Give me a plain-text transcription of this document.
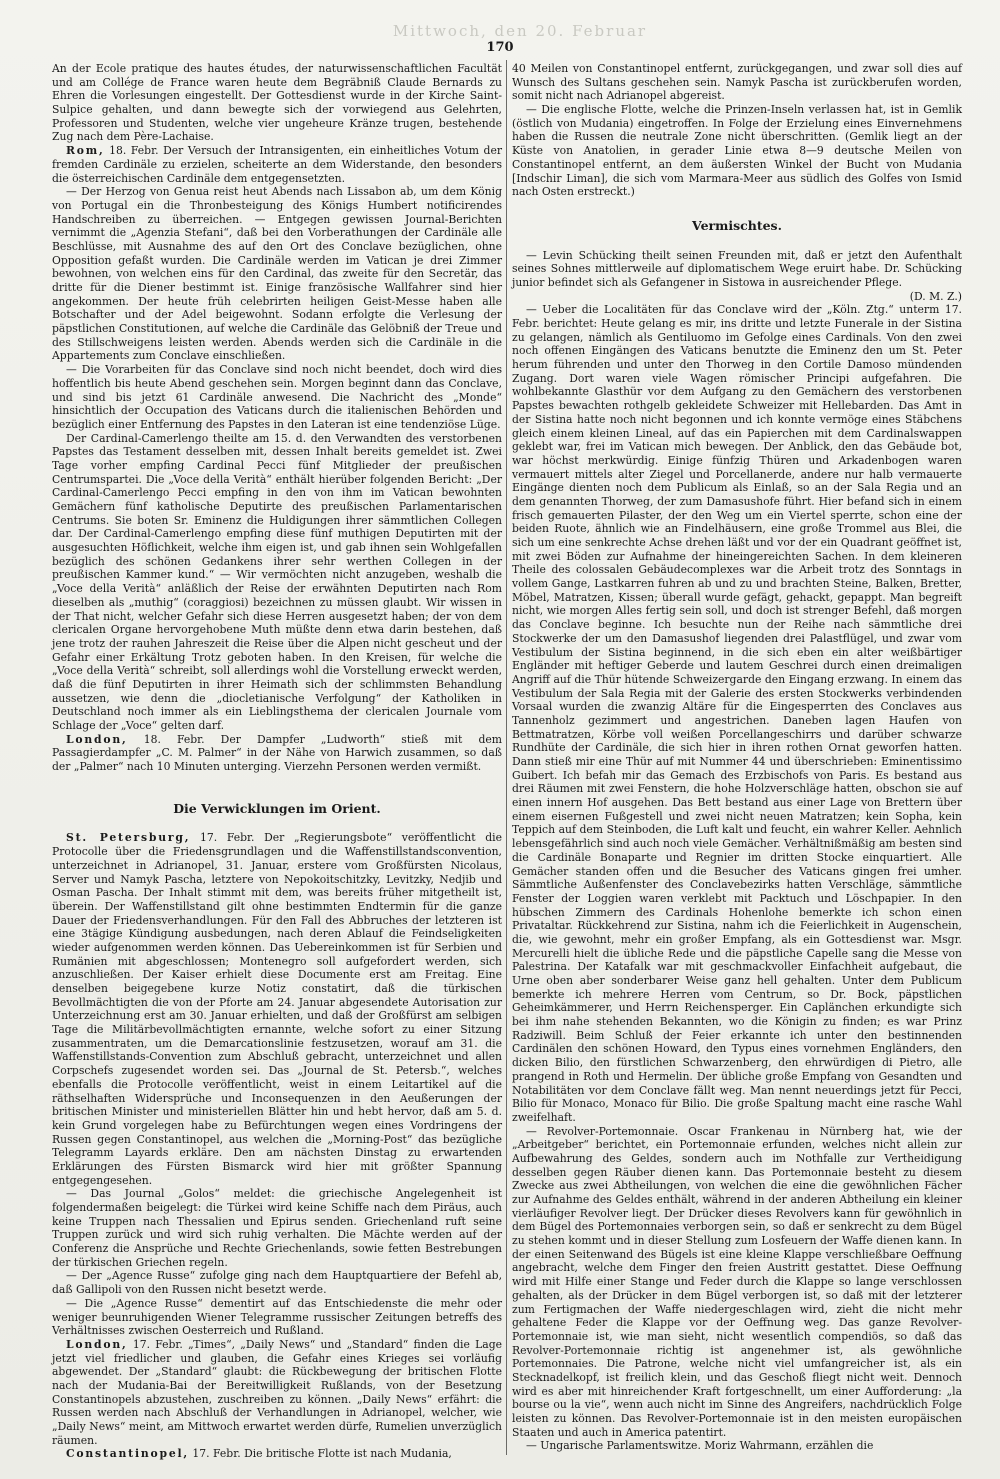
Mittwoch, den 20. Februar
170

An der Ecole pratique des hautes études, der naturwissenschaftlichen Facultät und am Collége de France waren heute dem Begräbniß Claude Bernards zu Ehren die Vorlesungen eingestellt. Der Gottesdienst wurde in der Kirche Saint-Sulpice gehalten, und dann bewegte sich der vorwiegend aus Gelehrten, Professoren und Studenten, welche vier ungeheure Kränze trugen, bestehende Zug nach dem Père-Lachaise.

Rom, 18. Febr. Der Versuch der Intransigenten, ein einheitliches Votum der fremden Cardinäle zu erzielen, scheiterte an dem Widerstande, den besonders die österreichischen Cardinäle dem entgegensetzten.

— Der Herzog von Genua reist heut Abends nach Lissabon ab, um dem König von Portugal ein die Thronbesteigung des Königs Humbert notificirendes Handschreiben zu überreichen. — Entgegen gewissen Journal-Berichten vernimmt die „Agenzia Stefani“, daß bei den Vorberathungen der Cardinäle alle Beschlüsse, mit Ausnahme des auf den Ort des Conclave bezüglichen, ohne Opposition gefaßt wurden. Die Cardinäle werden im Vatican je drei Zimmer bewohnen, von welchen eins für den Cardinal, das zweite für den Secretär, das dritte für die Diener bestimmt ist. Einige französische Wallfahrer sind hier angekommen. Der heute früh celebrirten heiligen Geist-Messe haben alle Botschafter und der Adel beigewohnt. Sodann erfolgte die Verlesung der päpstlichen Constitutionen, auf welche die Cardinäle das Gelöbniß der Treue und des Stillschweigens leisten werden. Abends werden sich die Cardinäle in die Appartements zum Conclave einschließen.

— Die Vorarbeiten für das Conclave sind noch nicht beendet, doch wird dies hoffentlich bis heute Abend geschehen sein. Morgen beginnt dann das Conclave, und sind bis jetzt 61 Cardinäle anwesend. Die Nachricht des „Monde“ hinsichtlich der Occupation des Vaticans durch die italienischen Behörden und bezüglich einer Entfernung des Papstes in den Lateran ist eine tendenziöse Lüge.

Der Cardinal-Camerlengo theilte am 15. d. den Verwandten des verstorbenen Papstes das Testament desselben mit, dessen Inhalt bereits gemeldet ist. Zwei Tage vorher empfing Cardinal Pecci fünf Mitglieder der preußischen Centrumspartei. Die „Voce della Verità“ enthält hierüber folgenden Bericht: „Der Cardinal-Camerlengo Pecci empfing in den von ihm im Vatican bewohnten Gemächern fünf katholische Deputirte des preußischen Parlamentarischen Centrums. Sie boten Sr. Eminenz die Huldigungen ihrer sämmtlichen Collegen dar. Der Cardinal-Camerlengo empfing diese fünf muthigen Deputirten mit der ausgesuchten Höflichkeit, welche ihm eigen ist, und gab ihnen sein Wohlgefallen bezüglich des schönen Gedankens ihrer sehr werthen Collegen in der preußischen Kammer kund.“ — Wir vermöchten nicht anzugeben, weshalb die „Voce della Verità“ anläßlich der Reise der erwähnten Deputirten nach Rom dieselben als „muthig“ (coraggiosi) bezeichnen zu müssen glaubt. Wir wissen in der That nicht, welcher Gefahr sich diese Herren ausgesetzt haben; der von dem clericalen Organe hervorgehobene Muth müßte denn etwa darin bestehen, daß jene trotz der rauhen Jahreszeit die Reise über die Alpen nicht gescheut und der Gefahr einer Erkältung Trotz geboten haben. In den Kreisen, für welche die „Voce della Verità“ schreibt, soll allerdings wohl die Vorstellung erweckt werden, daß die fünf Deputirten in ihrer Heimath sich der schlimmsten Behandlung aussetzen, wie denn die „diocletianische Verfolgung“ der Katholiken in Deutschland noch immer als ein Lieblingsthema der clericalen Journale vom Schlage der „Voce“ gelten darf.

London, 18. Febr. Der Dampfer „Ludworth“ stieß mit dem Passagierdampfer „C. M. Palmer“ in der Nähe von Harwich zusammen, so daß der „Palmer“ nach 10 Minuten unterging. Vierzehn Personen werden vermißt.

Die Verwicklungen im Orient.

St. Petersburg, 17. Febr. Der „Regierungsbote“ veröffentlicht die Protocolle über die Friedensgrundlagen und die Waffenstillstandsconvention, unterzeichnet in Adrianopel, 31. Januar, erstere vom Großfürsten Nicolaus, Server und Namyk Pascha, letztere von Nepokoitschitzky, Levitzky, Nedjib und Osman Pascha. Der Inhalt stimmt mit dem, was bereits früher mitgetheilt ist, überein. Der Waffenstillstand gilt ohne bestimmten Endtermin für die ganze Dauer der Friedensverhandlungen. Für den Fall des Abbruches der letzteren ist eine 3tägige Kündigung ausbedungen, nach deren Ablauf die Feindseligkeiten wieder aufgenommen werden können. Das Uebereinkommen ist für Serbien und Rumänien mit abgeschlossen; Montenegro soll aufgefordert werden, sich anzuschließen. Der Kaiser erhielt diese Documente erst am Freitag. Eine denselben beigegebene kurze Notiz constatirt, daß die türkischen Bevollmächtigten die von der Pforte am 24. Januar abgesendete Autorisation zur Unterzeichnung erst am 30. Januar erhielten, und daß der Großfürst am selbigen Tage die Militärbevollmächtigten ernannte, welche sofort zu einer Sitzung zusammentraten, um die Demarcationslinie festzusetzen, worauf am 31. die Waffenstillstands-Convention zum Abschluß gebracht, unterzeichnet und allen Corpschefs zugesendet worden sei. Das „Journal de St. Petersb.“, welches ebenfalls die Protocolle veröffentlicht, weist in einem Leitartikel auf die räthselhaften Widersprüche und Inconsequenzen in den Aeußerungen der britischen Minister und ministeriellen Blätter hin und hebt hervor, daß am 5. d. kein Grund vorgelegen habe zu Befürchtungen wegen eines Vordringens der Russen gegen Constantinopel, aus welchen die „Morning-Post“ das bezügliche Telegramm Layards erkläre. Den am nächsten Dinstag zu erwartenden Erklärungen des Fürsten Bismarck wird hier mit größter Spannung entgegengesehen.

— Das Journal „Golos“ meldet: die griechische Angelegenheit ist folgendermaßen beigelegt: die Türkei wird keine Schiffe nach dem Piräus, auch keine Truppen nach Thessalien und Epirus senden. Griechenland ruft seine Truppen zurück und wird sich ruhig verhalten. Die Mächte werden auf der Conferenz die Ansprüche und Rechte Griechenlands, sowie fetten Bestrebungen der türkischen Griechen regeln.

— Der „Agence Russe“ zufolge ging nach dem Hauptquartiere der Befehl ab, daß Gallipoli von den Russen nicht besetzt werde.

— Die „Agence Russe“ dementirt auf das Entschiedenste die mehr oder weniger beunruhigenden Wiener Telegramme russischer Zeitungen betreffs des Verhältnisses zwischen Oesterreich und Rußland.

London, 17. Febr. „Times“, „Daily News“ und „Standard“ finden die Lage jetzt viel friedlicher und glauben, die Gefahr eines Krieges sei vorläufig abgewendet. Der „Standard“ glaubt: die Rückbewegung der britischen Flotte nach der Mudania-Bai der Bereitwilligkeit Rußlands, von der Besetzung Constantinopels abzustehen, zuschreiben zu können. „Daily News“ erfährt: die Russen werden nach Abschluß der Verhandlungen in Adrianopel, welcher, wie „Daily News“ meint, am Mittwoch erwartet werden dürfe, Rumelien unverzüglich räumen.

Constantinopel, 17. Febr. Die britische Flotte ist nach Mudania,

40 Meilen von Constantinopel entfernt, zurückgegangen, und zwar soll dies auf Wunsch des Sultans geschehen sein. Namyk Pascha ist zurückberufen worden, somit nicht nach Adrianopel abgereist.

— Die englische Flotte, welche die Prinzen-Inseln verlassen hat, ist in Gemlik (östlich von Mudania) eingetroffen. In Folge der Erzielung eines Einvernehmens haben die Russen die neutrale Zone nicht überschritten. (Gemlik liegt an der Küste von Anatolien, in gerader Linie etwa 8—9 deutsche Meilen von Constantinopel entfernt, an dem äußersten Winkel der Bucht von Mudania [Indschir Liman], die sich vom Marmara-Meer aus südlich des Golfes von Ismid nach Osten erstreckt.)

Vermischtes.

— Levin Schücking theilt seinen Freunden mit, daß er jetzt den Aufenthalt seines Sohnes mittlerweile auf diplomatischem Wege eruirt habe. Dr. Schücking junior befindet sich als Gefangener in Sistowa in ausreichender Pflege.

(D. M. Z.)

— Ueber die Localitäten für das Conclave wird der „Köln. Ztg.“ unterm 17. Febr. berichtet: Heute gelang es mir, ins dritte und letzte Funerale in der Sistina zu gelangen, nämlich als Gentiluomo im Gefolge eines Cardinals. Von den zwei noch offenen Eingängen des Vaticans benutzte die Eminenz den um St. Peter herum führenden und unter den Thorweg in den Cortile Damoso mündenden Zugang. Dort waren viele Wagen römischer Principi aufgefahren. Die wohlbekannte Glasthür vor dem Aufgang zu den Gemächern des verstorbenen Papstes bewachten rothgelb gekleidete Schweizer mit Hellebarden. Das Amt in der Sistina hatte noch nicht begonnen und ich konnte vermöge eines Stäbchens gleich einem kleinen Lineal, auf das ein Papierchen mit dem Cardinalswappen geklebt war, frei im Vatican mich bewegen. Der Anblick, den das Gebäude bot, war höchst merkwürdig. Einige fünfzig Thüren und Arkadenbogen waren vermauert mittels alter Ziegel und Porcellanerde, andere nur halb vermauerte Eingänge dienten noch dem Publicum als Einlaß, so an der Sala Regia und an dem genannten Thorweg, der zum Damasushofe führt. Hier befand sich in einem frisch gemauerten Pilaster, der den Weg um ein Viertel sperrte, schon eine der beiden Ruote, ähnlich wie an Findelhäusern, eine große Trommel aus Blei, die sich um eine senkrechte Achse drehen läßt und vor der ein Quadrant geöffnet ist, mit zwei Böden zur Aufnahme der hineingereichten Sachen. In dem kleineren Theile des colossalen Gebäudecomplexes war die Arbeit trotz des Sonntags in vollem Gange, Lastkarren fuhren ab und zu und brachten Steine, Balken, Bretter, Möbel, Matratzen, Kissen; überall wurde gefägt, gehackt, gepappt. Man begreift nicht, wie morgen Alles fertig sein soll, und doch ist strenger Befehl, daß morgen das Conclave beginne. Ich besuchte nun der Reihe nach sämmtliche drei Stockwerke der um den Damasushof liegenden drei Palastflügel, und zwar vom Vestibulum der Sistina beginnend, in die sich eben ein alter weißbärtiger Engländer mit heftiger Geberde und lautem Geschrei durch einen dreimaligen Angriff auf die Thür hütende Schweizergarde den Eingang erzwang. In einem das Vestibulum der Sala Regia mit der Galerie des ersten Stockwerks verbindenden Vorsaal wurden die zwanzig Altäre für die Eingesperrten des Conclaves aus Tannenholz gezimmert und angestrichen. Daneben lagen Haufen von Bettmatratzen, Körbe voll weißen Porcellangeschirrs und darüber schwarze Rundhüte der Cardinäle, die sich hier in ihren rothen Ornat geworfen hatten. Dann stieß mir eine Thür auf mit Nummer 44 und überschrieben: Eminentissimo Guibert. Ich befah mir das Gemach des Erzbischofs von Paris. Es bestand aus drei Räumen mit zwei Fenstern, die hohe Holzverschläge hatten, obschon sie auf einen innern Hof ausgehen. Das Bett bestand aus einer Lage von Brettern über einem eisernen Fußgestell und zwei nicht neuen Matratzen; kein Sopha, kein Teppich auf dem Steinboden, die Luft kalt und feucht, ein wahrer Keller. Aehnlich lebensgefährlich sind auch noch viele Gemächer. Verhältnißmäßig am besten sind die Cardinäle Bonaparte und Regnier im dritten Stocke einquartiert. Alle Gemächer standen offen und die Besucher des Vaticans gingen frei umher. Sämmtliche Außenfenster des Conclavebezirks hatten Verschläge, sämmtliche Fenster der Loggien waren verklebt mit Packtuch und Löschpapier. In den hübschen Zimmern des Cardinals Hohenlohe bemerkte ich schon einen Privataltar. Rückkehrend zur Sistina, nahm ich die Feierlichkeit in Augenschein, die, wie gewohnt, mehr ein großer Empfang, als ein Gottesdienst war. Msgr. Mercurelli hielt die übliche Rede und die päpstliche Capelle sang die Messe von Palestrina. Der Katafalk war mit geschmackvoller Einfachheit aufgebaut, die Urne oben aber sonderbarer Weise ganz hell gehalten. Unter dem Publicum bemerkte ich mehrere Herren vom Centrum, so Dr. Bock, päpstlichen Geheimkämmerer, und Herrn Reichensperger. Ein Caplänchen erkundigte sich bei ihm nahe stehenden Bekannten, wo die Königin zu finden; es war Prinz Radziwill. Beim Schluß der Feier erkannte ich unter den bestinnenden Cardinälen den schönen Howard, den Typus eines vornehmen Engländers, den dicken Bilio, den fürstlichen Schwarzenberg, den ehrwürdigen di Pietro, alle prangend in Roth und Hermelin. Der übliche große Empfang von Gesandten und Notabilitäten vor dem Conclave fällt weg. Man nennt neuerdings jetzt für Pecci, Bilio für Monaco, Monaco für Bilio. Die große Spaltung macht eine rasche Wahl zweifelhaft.

— Revolver-Portemonnaie. Oscar Frankenau in Nürnberg hat, wie der „Arbeitgeber“ berichtet, ein Portemonnaie erfunden, welches nicht allein zur Aufbewahrung des Geldes, sondern auch im Nothfalle zur Vertheidigung desselben gegen Räuber dienen kann. Das Portemonnaie besteht zu diesem Zwecke aus zwei Abtheilungen, von welchen die eine die gewöhnlichen Fächer zur Aufnahme des Geldes enthält, während in der anderen Abtheilung ein kleiner vierläufiger Revolver liegt. Der Drücker dieses Revolvers kann für gewöhnlich in dem Bügel des Portemonnaies verborgen sein, so daß er senkrecht zu dem Bügel zu stehen kommt und in dieser Stellung zum Losfeuern der Waffe dienen kann. In der einen Seitenwand des Bügels ist eine kleine Klappe verschließbare Oeffnung angebracht, welche dem Finger den freien Austritt gestattet. Diese Oeffnung wird mit Hilfe einer Stange und Feder durch die Klappe so lange verschlossen gehalten, als der Drücker in dem Bügel verborgen ist, so daß mit der letzterer zum Fertigmachen der Waffe niedergeschlagen wird, zieht die nicht mehr gehaltene Feder die Klappe vor der Oeffnung weg. Das ganze Revolver-Portemonnaie ist, wie man sieht, nicht wesentlich compendiös, so daß das Revolver-Portemonnaie richtig ist angenehmer ist, als gewöhnliche Portemonnaies. Die Patrone, welche nicht viel umfangreicher ist, als ein Stecknadelkopf, ist freilich klein, und das Geschoß fliegt nicht weit. Dennoch wird es aber mit hinreichender Kraft fortgeschnellt, um einer Aufforderung: „la bourse ou la vie“, wenn auch nicht im Sinne des Angreifers, nachdrücklich Folge leisten zu können. Das Revolver-Portemonnaie ist in den meisten europäischen Staaten und auch in America patentirt.

— Ungarische Parlamentswitze. Moriz Wahrmann, erzählen die
